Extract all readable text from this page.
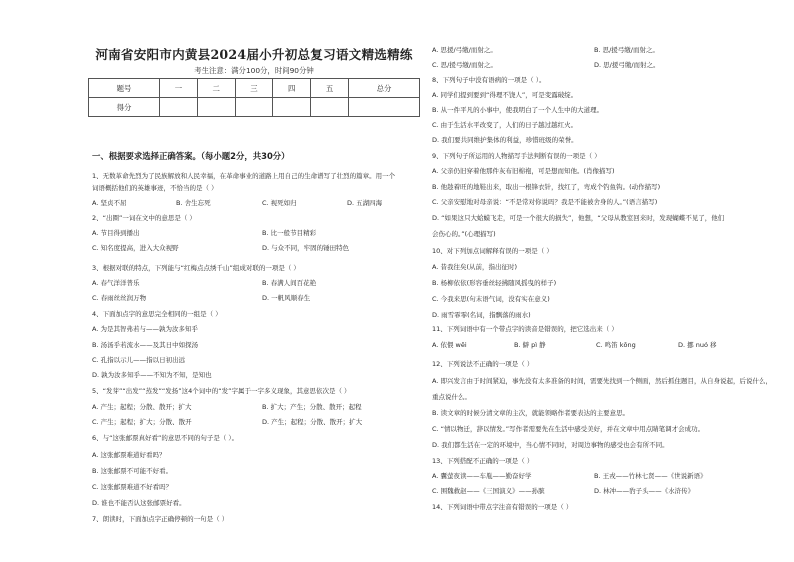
河南省安阳市内黄县2024届小升初总复习语文精选精练
考生注意：满分100分，时间90分钟
题号	一	二	三	四	五	总分
得分						
一、根据要求选择正确答案。（每小题2分，共30分）
1、无数革命先烈为了民族解放和人民幸福，在革命事业的道路上用自己的生命谱写了壮烈的篇章。用一个
词语概括他们的英雄事迹，不恰当的是（ ）
A. 坚贞不屈	B. 舍生忘死	C. 视死如归	D. 五湖四海
2、“出圈”一词在文中的意思是（ ）
A. 节目得到播出	B. 比一般节目精彩
C. 知名度提高，进入大众视野	D. 与众不同，牢固的锤田特色
3、根据对联的特点，下列能与“红梅点点绣千山”组成对联的一项是（ ）
A. 春气洋洋普乐	B. 春满人间百花艳
C. 春雨丝丝润万物	D. 一帆风顺春生
4、下面加点字的意思完全相同的一组是（ ）
A. 为是其智弗若与——孰为汝多知乎
B. 汤汤乎若流水——及其日中如探汤
C. 孔指以示儿——指以日初出远
D. 孰为汝多知乎——不知为不知，是知也
5、“发芽”“出发”“蒸发”“发扬”这4个词中的“发”字属于一字多义现象，其意思依次是（ ）
A. 产生；起程；分散、散开；扩大	B. 扩大；产生；分散、散开；起程
C. 产生；起程；扩大；分散、散开	D. 产生；起程；分散、散开；扩大
6、与“这张邮票真好看”的意思不同的句子是（ ）。
A. 这张邮票难道好看吗？
B. 这张邮票不可能不好看。
C. 这张邮票难道不好看吗？
D. 谁也不能否认这张邮票好看。
7、朗读时，下面加点字正确停顿的一句是（ ）
A. 思援/弓缴/而射之。	B. 思/援弓缴/而射之。
C. 思/援弓缴/而射之。	D. 思/援弓缴/而射之。
8、下列句子中没有语病的一项是（ ）。
A. 同学们提到要到“得理不饶人”，可是变露破绽。
B. 从一件平凡的小事中，使我明白了一个人生中的大道理。
C. 由于生活水平改变了，人们的日子越过越红火。
D. 我们要共同维护集体的利益，珍惜班级的荣誉。
9、下列句子所运用的人物描写手法判断有误的一项是（ ）
A. 父亲仍旧穿着他那件灰布旧棉袍，可是想而知他。(肖像描写)
B. 他趁着旺的地鞋出来，取出一根锋衣针，找红了，弯成个钓鱼钩。(动作描写)
C. 父亲安慰地对母亲说：“不是常对你说吗？我是不能被舍身的人。”(语言描写)
D. “如果这只大蛤蟆飞走，可是一个很大的损失”，他想，“父母从教室回来时，发现蝴蝶不见了，他们
会伤心的。”(心理描写)
10、对下列加点词解释有误的一项是（ ）
A. 昔我往矣(从前，指出征时)
B. 杨柳依依(形容垂丝轻拂随风摇曳的样子)
C. 今我来思(句末语气词，没有实在意义)
D. 雨雪霏霏(名词，指飘落的雨水)
11、下列词语中有一个带点字的读音是错误的，把它选出来（ ）
A. 依偎 wēi	B. 僻 pì 静	C. 鸣笛 kōng	D. 挪 nuó 移
12、下列说法不正确的一项是（ ）
A. 即兴发言由于时间紧迫，事先没有太多准备的时间，需要先找到一个侧面，然后抓住题目，从自身说起，后说什么，
重点说什么。
B. 读文章的时候分清文章的主次，就能领略作者要表达的主要意思。
C. “情以物迁，辞以情发。”写作者需要先在生活中感受美好，并在文章中用点睛笔调才会成功。
D. 我们都生活在一定的环境中，当心情不同时，对周边事物的感受也会有所不同。
13、下列搭配不正确的一项是（ ）
A. 囊萤夜读——车胤——勤奋好学	B. 王戎——竹林七贤——《世说新语》
C. 围魏救赵——《三国演义》——孙膑	D. 林冲——豹子头——《水浒传》
14、下列词语中带点字注音有错误的一项是（ ）
